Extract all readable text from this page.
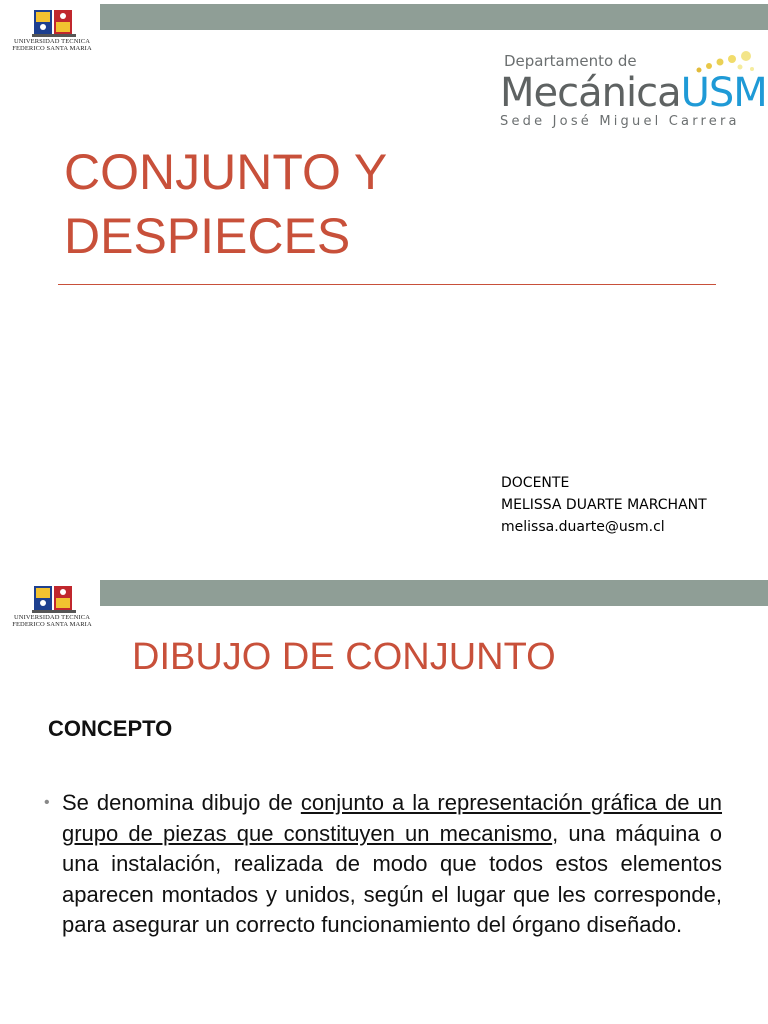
UNIVERSIDAD TECNICA
FEDERICO SANTA MARIA
Departamento de
MecánicaUSM
Sede José Miguel Carrera
CONJUNTO Y
DESPIECES
DOCENTE
MELISSA DUARTE MARCHANT
melissa.duarte@usm.cl
UNIVERSIDAD TECNICA
FEDERICO SANTA MARIA
DIBUJO DE CONJUNTO
CONCEPTO
• Se denomina dibujo de conjunto a la representación gráfica de un grupo de piezas que constituyen un mecanismo, una máquina o una instalación, realizada de modo que todos estos elementos aparecen montados y unidos, según el lugar que les corresponde, para asegurar un correcto funcionamiento del órgano diseñado.
